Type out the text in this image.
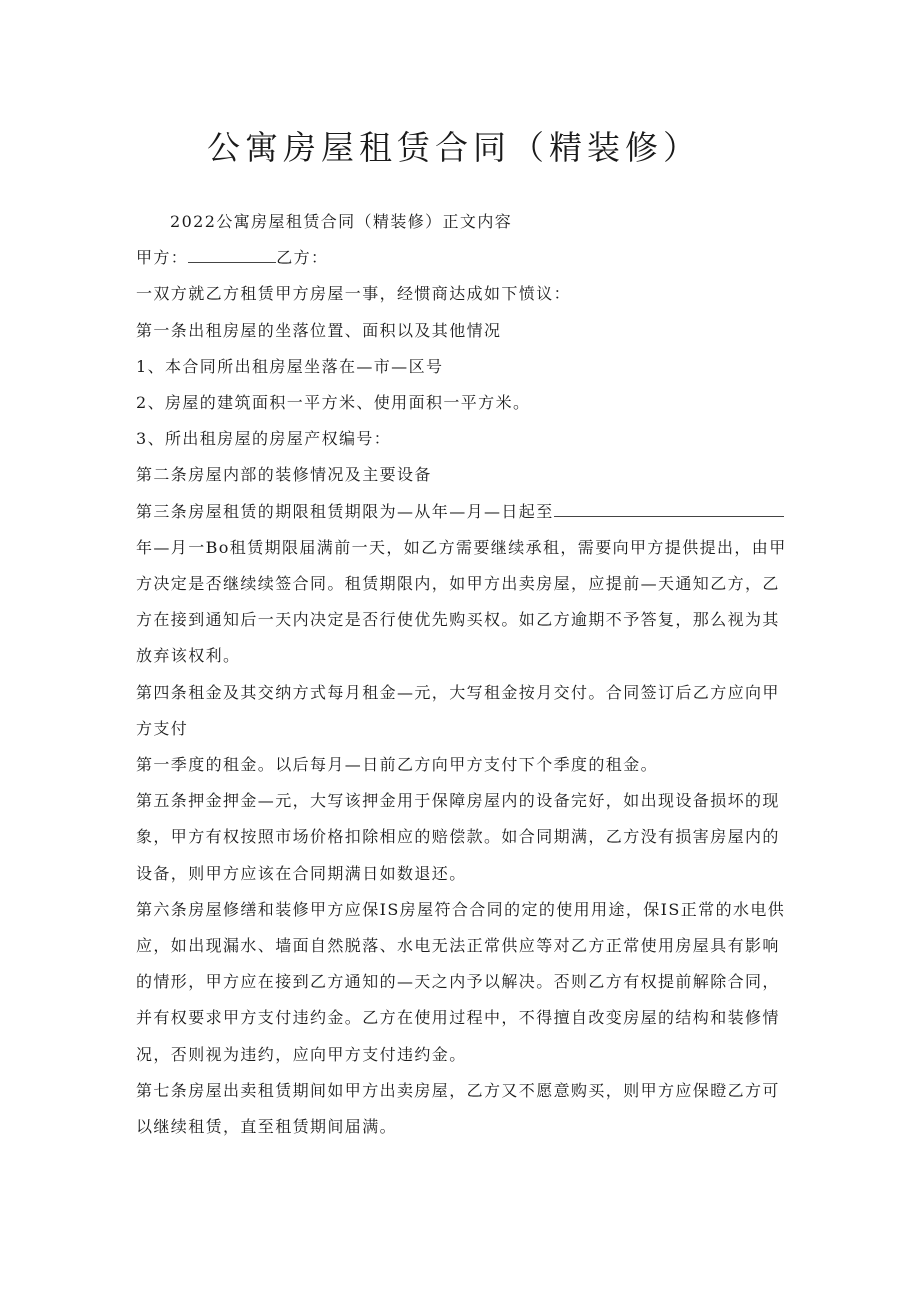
公寓房屋租赁合同（精装修）

2022公寓房屋租赁合同（精装修）正文内容

甲方：	乙方：

一双方就乙方租赁甲方房屋一事，经惯商达成如下愤议：

第一条出租房屋的坐落位置、面积以及其他情况

1、本合同所出租房屋坐落在—市—区号

2、房屋的建筑面积一平方米、使用面积一平方米。

3、所出租房屋的房屋产权编号：

第二条房屋内部的装修情况及主要设备

第三条房屋租赁的期限租赁期限为—从年—月—日起至

年—月一Bo租赁期限届满前一天，如乙方需要继续承租，需要向甲方提供提出，由甲方决定是否继续续签合同。租赁期限内，如甲方出卖房屋，应提前—天通知乙方，乙方在接到通知后一天内决定是否行使优先购买权。如乙方逾期不予答复，那么视为其放弃该权利。

第四条租金及其交纳方式每月租金—元，大写租金按月交付。合同签订后乙方应向甲方支付

第一季度的租金。以后每月—日前乙方向甲方支付下个季度的租金。

第五条押金押金—元，大写该押金用于保障房屋内的设备完好，如出现设备损坏的现象，甲方有权按照市场价格扣除相应的赔偿款。如合同期满，乙方没有损害房屋内的设备，则甲方应该在合同期满日如数退还。

第六条房屋修缮和装修甲方应保IS房屋符合合同的定的使用用途，保IS正常的水电供应，如出现漏水、墙面自然脱落、水电无法正常供应等对乙方正常使用房屋具有影响的情形，甲方应在接到乙方通知的—天之内予以解决。否则乙方有权提前解除合同，并有权要求甲方支付违约金。乙方在使用过程中，不得擅自改变房屋的结构和装修情况，否则视为违约，应向甲方支付违约金。

第七条房屋出卖租赁期间如甲方出卖房屋，乙方又不愿意购买，则甲方应保瞪乙方可以继续租赁，直至租赁期间届满。
